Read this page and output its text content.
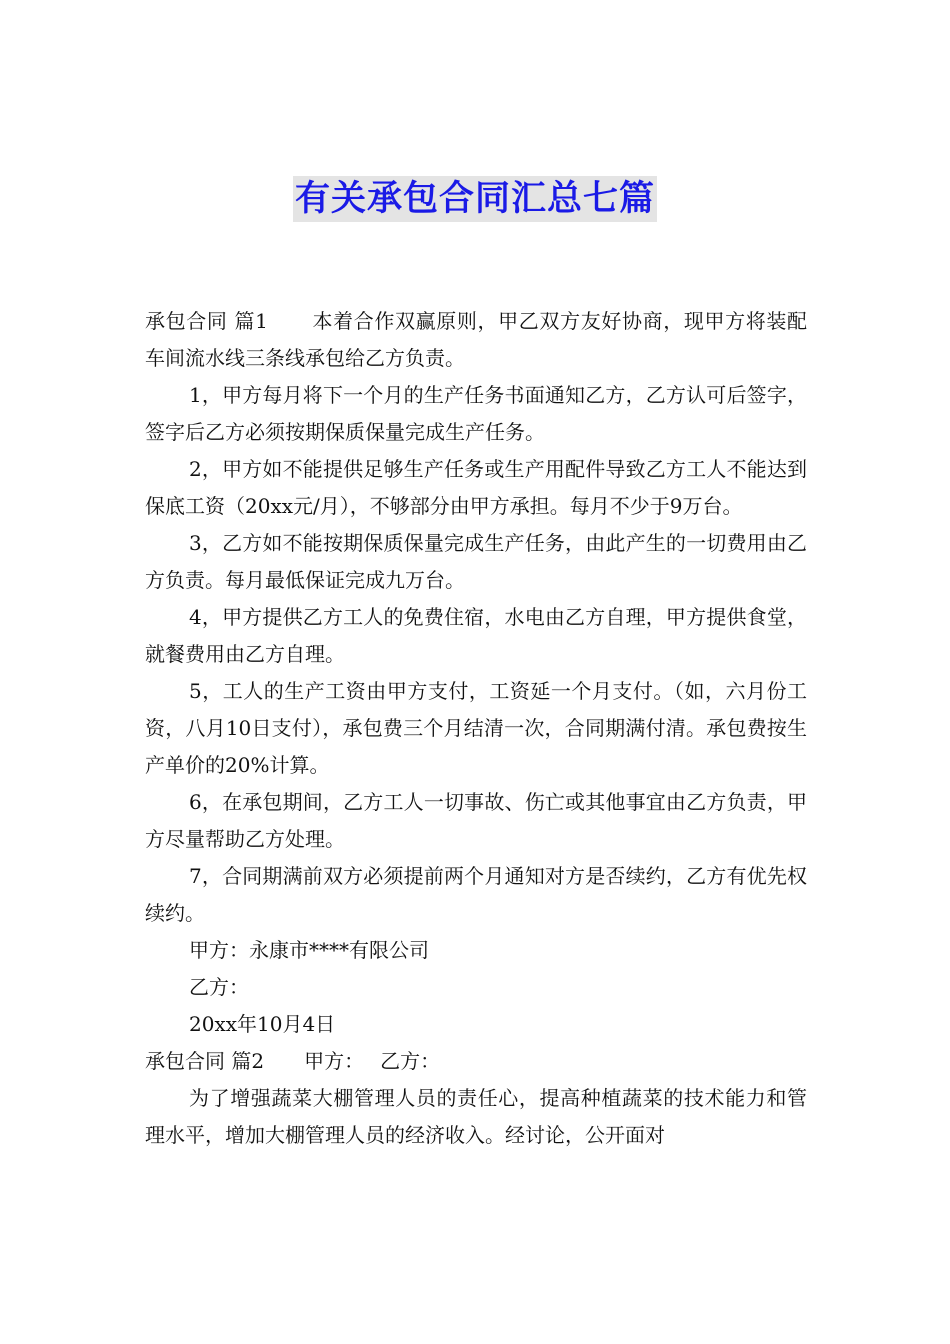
有关承包合同汇总七篇

承包合同 篇1 本着合作双赢原则，甲乙双方友好协商，现甲方将装配车间流水线三条线承包给乙方负责。

1，甲方每月将下一个月的生产任务书面通知乙方，乙方认可后签字，签字后乙方必须按期保质保量完成生产任务。

2，甲方如不能提供足够生产任务或生产用配件导致乙方工人不能达到保底工资（20xx元/月），不够部分由甲方承担。每月不少于9万台。

3，乙方如不能按期保质保量完成生产任务，由此产生的一切费用由乙方负责。每月最低保证完成九万台。

4，甲方提供乙方工人的免费住宿，水电由乙方自理，甲方提供食堂，就餐费用由乙方自理。

5，工人的生产工资由甲方支付，工资延一个月支付。（如，六月份工资，八月10日支付），承包费三个月结清一次，合同期满付清。承包费按生产单价的20%计算。

6，在承包期间，乙方工人一切事故、伤亡或其他事宜由乙方负责，甲方尽量帮助乙方处理。

7，合同期满前双方必须提前两个月通知对方是否续约，乙方有优先权续约。

甲方：永康市****有限公司

乙方：

20xx年10月4日

承包合同 篇2 甲方： 乙方：

为了增强蔬菜大棚管理人员的责任心，提高种植蔬菜的技术能力和管理水平，增加大棚管理人员的经济收入。经讨论，公开面对
